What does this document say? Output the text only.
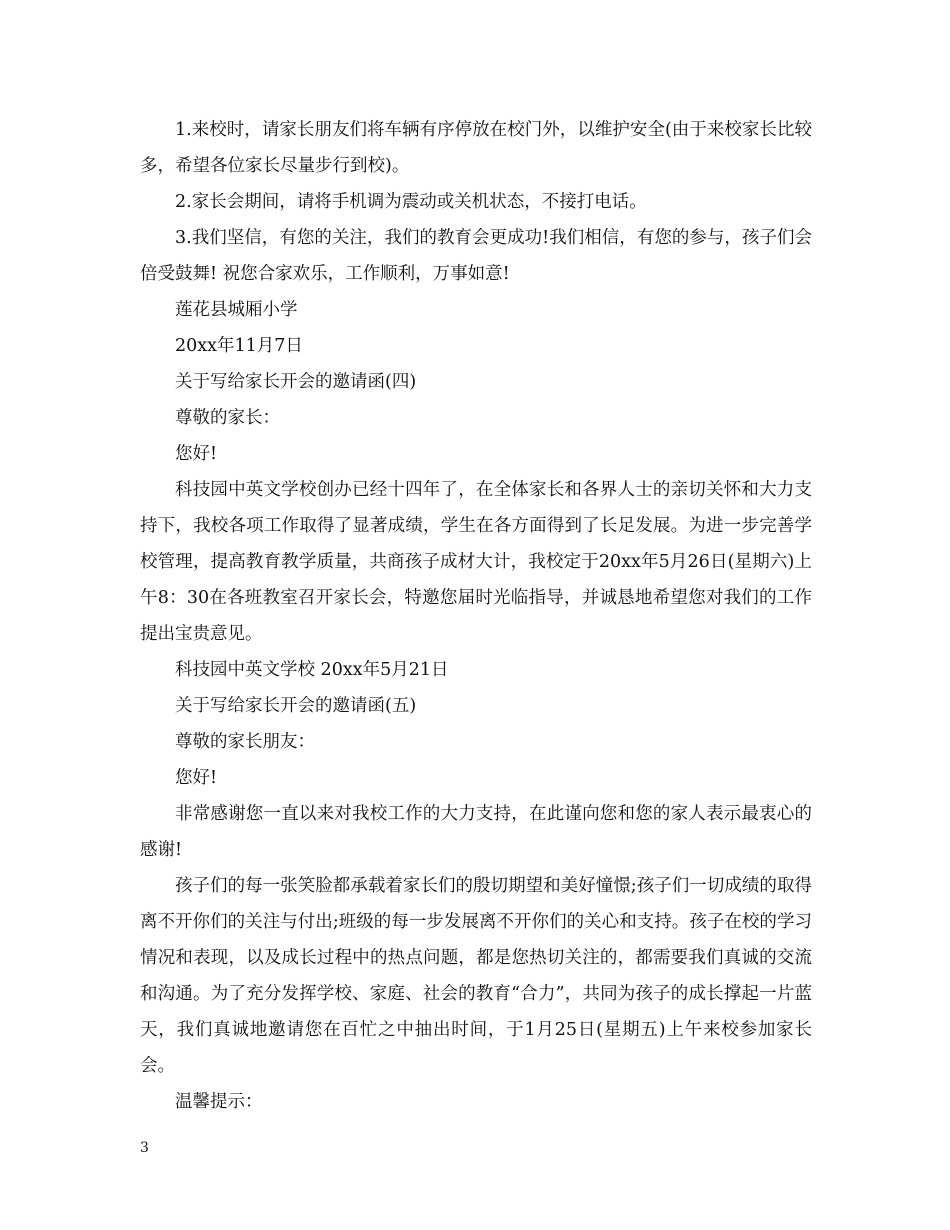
1.来校时，请家长朋友们将车辆有序停放在校门外，以维护安全(由于来校家长比较多，希望各位家长尽量步行到校)。

2.家长会期间，请将手机调为震动或关机状态，不接打电话。

3.我们坚信，有您的关注，我们的教育会更成功!我们相信，有您的参与，孩子们会倍受鼓舞! 祝您合家欢乐，工作顺利，万事如意!

莲花县城厢小学

20xx年11月7日

关于写给家长开会的邀请函(四)

尊敬的家长：

您好!

科技园中英文学校创办已经十四年了，在全体家长和各界人士的亲切关怀和大力支持下，我校各项工作取得了显著成绩，学生在各方面得到了长足发展。为进一步完善学校管理，提高教育教学质量，共商孩子成材大计，我校定于20xx年5月26日(星期六)上午8：30在各班教室召开家长会，特邀您届时光临指导，并诚恳地希望您对我们的工作提出宝贵意见。

科技园中英文学校 20xx年5月21日

关于写给家长开会的邀请函(五)

尊敬的家长朋友：

您好!

非常感谢您一直以来对我校工作的大力支持，在此谨向您和您的家人表示最衷心的感谢!

孩子们的每一张笑脸都承载着家长们的殷切期望和美好憧憬;孩子们一切成绩的取得离不开你们的关注与付出;班级的每一步发展离不开你们的关心和支持。孩子在校的学习情况和表现，以及成长过程中的热点问题，都是您热切关注的，都需要我们真诚的交流和沟通。为了充分发挥学校、家庭、社会的教育“合力”，共同为孩子的成长撑起一片蓝天，我们真诚地邀请您在百忙之中抽出时间，于1月25日(星期五)上午来校参加家长会。

温馨提示：

3
